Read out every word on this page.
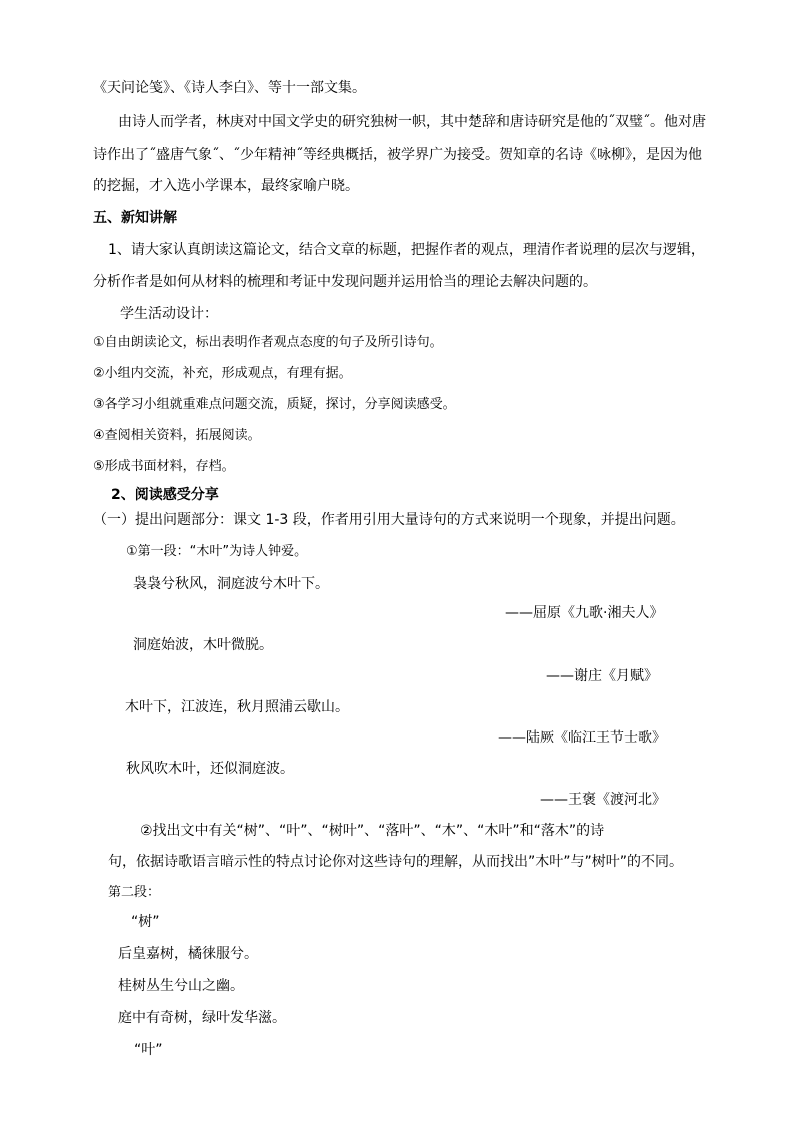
《天问论笺》、《诗人李白》、等十一部文集。
由诗人而学者，林庚对中国文学史的研究独树一帜，其中楚辞和唐诗研究是他的˝双璧˝。他对唐
诗作出了˝盛唐气象˝、˝少年精神˝等经典概括，被学界广为接受。贺知章的名诗《咏柳》，是因为他
的挖掘，才入选小学课本，最终家喻户晓。
五、新知讲解
1、请大家认真朗读这篇论文，结合文章的标题，把握作者的观点，理清作者说理的层次与逻辑，
分析作者是如何从材料的梳理和考证中发现问题并运用恰当的理论去解决问题的。
学生活动设计：
①自由朗读论文，标出表明作者观点态度的句子及所引诗句。
②小组内交流，补充，形成观点，有理有据。
③各学习小组就重难点问题交流，质疑，探讨，分享阅读感受。
④查阅相关资料，拓展阅读。
⑤形成书面材料，存档。
2、阅读感受分享
（一）提出问题部分：课文 1-3 段，作者用引用大量诗句的方式来说明一个现象，并提出问题。
①第一段：“木叶”为诗人钟爱。
袅袅兮秋风，洞庭波兮木叶下。
——屈原《九歌·湘夫人》
洞庭始波，木叶微脱。
——谢庄《月赋》
木叶下，江波连，秋月照浦云歇山。
——陆厥《临江王节士歌》
秋风吹木叶，还似洞庭波。
——王褒《渡河北》
②找出文中有关“树”、“叶”、“树叶”、“落叶”、“木”、“木叶”和“落木”的诗
句，依据诗歌语言暗示性的特点讨论你对这些诗句的理解，从而找出”木叶”与”树叶”的不同。
第二段：
“树”
后皇嘉树，橘徕服兮。
桂树丛生兮山之幽。
庭中有奇树，绿叶发华滋。
“叶”
